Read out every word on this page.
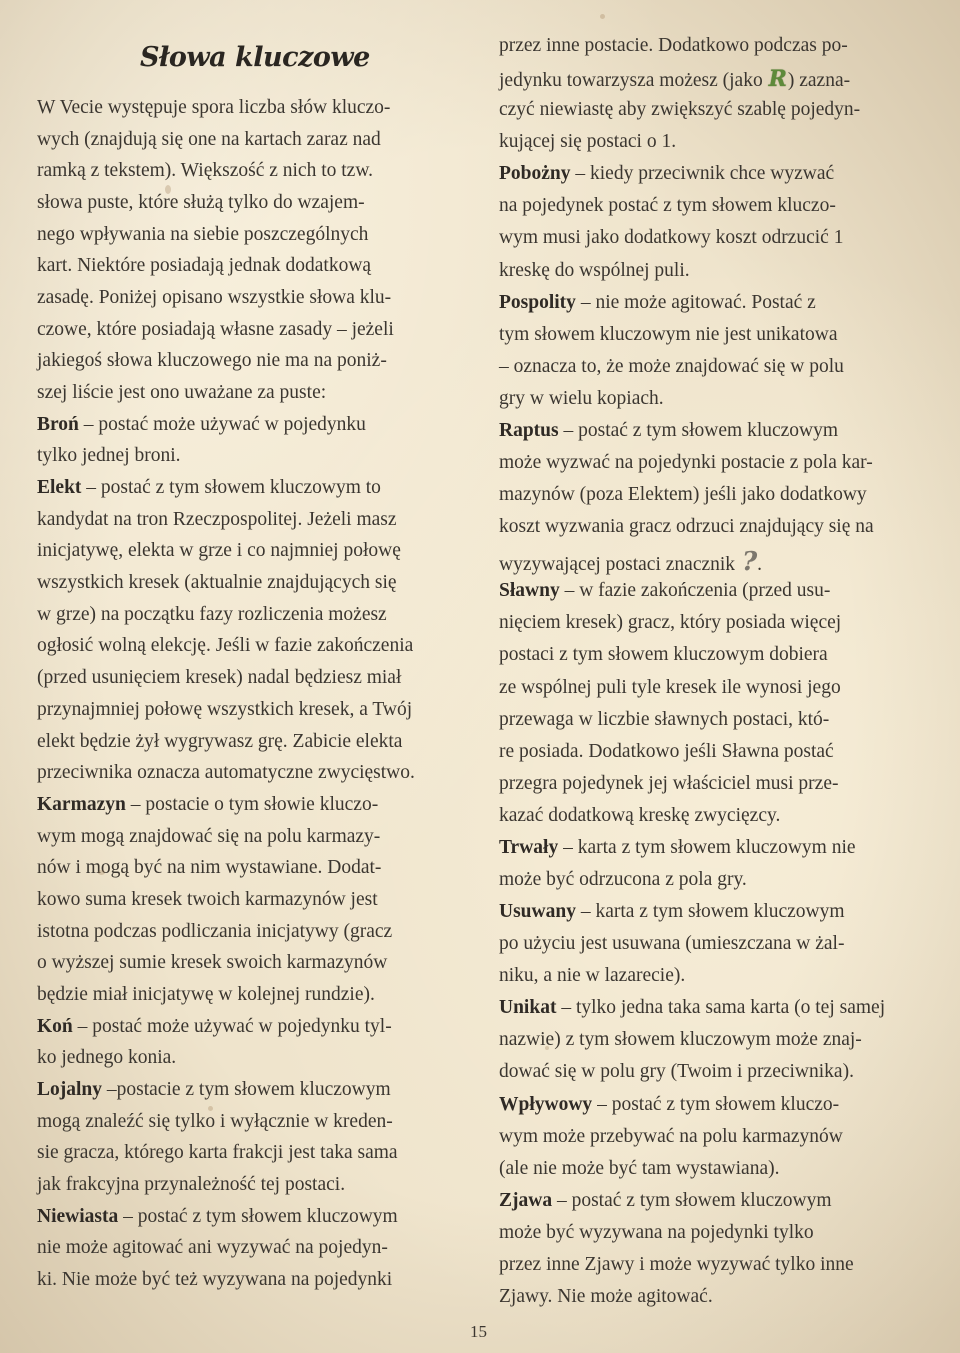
Słowa kluczowe
W Vecie występuje spora liczba słów kluczo-
wych (znajdują się one na kartach zaraz nad
ramką z tekstem). Większość z nich to tzw.
słowa puste, które służą tylko do wzajem-
nego wpływania na siebie poszczególnych
kart. Niektóre posiadają jednak dodatkową
zasadę. Poniżej opisano wszystkie słowa klu-
czowe, które posiadają własne zasady – jeżeli
jakiegoś słowa kluczowego nie ma na poniż-
szej liście jest ono uważane za puste:
Broń – postać może używać w pojedynku
tylko jednej broni.
Elekt – postać z tym słowem kluczowym to
kandydat na tron Rzeczpospolitej. Jeżeli masz
inicjatywę, elekta w grze i co najmniej połowę
wszystkich kresek (aktualnie znajdujących się
w grze) na początku fazy rozliczenia możesz
ogłosić wolną elekcję. Jeśli w fazie zakończenia
(przed usunięciem kresek) nadal będziesz miał
przynajmniej połowę wszystkich kresek, a Twój
elekt będzie żył wygrywasz grę. Zabicie elekta
przeciwnika oznacza automatyczne zwycięstwo.
Karmazyn – postacie o tym słowie kluczo-
wym mogą znajdować się na polu karmazy-
nów i mogą być na nim wystawiane. Dodat-
kowo suma kresek twoich karmazynów jest
istotna podczas podliczania inicjatywy (gracz
o wyższej sumie kresek swoich karmazynów
będzie miał inicjatywę w kolejnej rundzie).
Koń – postać może używać w pojedynku tyl-
ko jednego konia.
Lojalny –postacie z tym słowem kluczowym
mogą znaleźć się tylko i wyłącznie w kreden-
sie gracza, którego karta frakcji jest taka sama
jak frakcyjna przynależność tej postaci.
Niewiasta – postać z tym słowem kluczowym
nie może agitować ani wyzywać na pojedyn-
ki. Nie może być też wyzywana na pojedynki
przez inne postacie. Dodatkowo podczas po-
jedynku towarzysza możesz (jako R) zazna-
czyć niewiastę aby zwiększyć szablę pojedyn-
kującej się postaci o 1.
Pobożny – kiedy przeciwnik chce wyzwać
na pojedynek postać z tym słowem kluczo-
wym musi jako dodatkowy koszt odrzucić 1
kreskę do wspólnej puli.
Pospolity – nie może agitować. Postać z
tym słowem kluczowym nie jest unikatowa
– oznacza to, że może znajdować się w polu
gry w wielu kopiach.
Raptus – postać z tym słowem kluczowym
może wyzwać na pojedynki postacie z pola kar-
mazynów (poza Elektem) jeśli jako dodatkowy
koszt wyzwania gracz odrzuci znajdujący się na
wyzywającej postaci znacznik ?.
Sławny – w fazie zakończenia (przed usu-
nięciem kresek) gracz, który posiada więcej
postaci z tym słowem kluczowym dobiera
ze wspólnej puli tyle kresek ile wynosi jego
przewaga w liczbie sławnych postaci, któ-
re posiada. Dodatkowo jeśli Sławna postać
przegra pojedynek jej właściciel musi prze-
kazać dodatkową kreskę zwycięzcy.
Trwały – karta z tym słowem kluczowym nie
może być odrzucona z pola gry.
Usuwany – karta z tym słowem kluczowym
po użyciu jest usuwana (umieszczana w żal-
niku, a nie w lazarecie).
Unikat – tylko jedna taka sama karta (o tej samej
nazwie) z tym słowem kluczowym może znaj-
dować się w polu gry (Twoim i przeciwnika).
Wpływowy – postać z tym słowem kluczo-
wym może przebywać na polu karmazynów
(ale nie może być tam wystawiana).
Zjawa – postać z tym słowem kluczowym
może być wyzywana na pojedynki tylko
przez inne Zjawy i może wyzywać tylko inne
Zjawy. Nie może agitować.
15
